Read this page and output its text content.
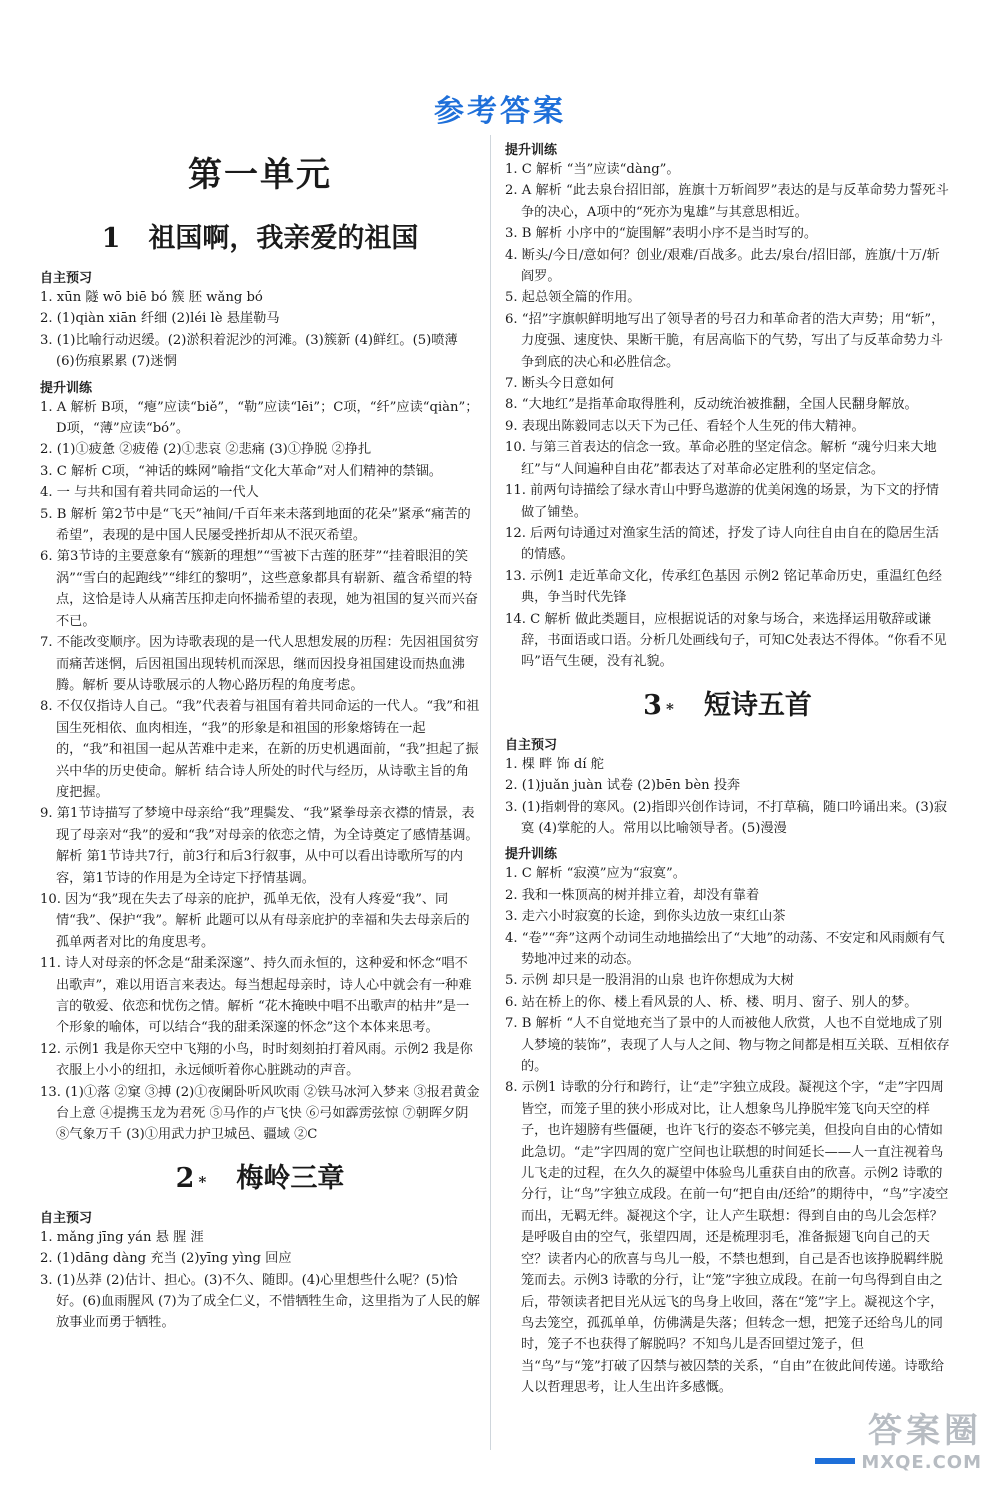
参考答案
第一单元
1 祖国啊，我亲爱的祖国
自主预习

1. xūn 隧 wō biē bó 簇 胚 wǎng bó

2. (1)qiàn xiān 纤细 (2)léi lè 悬崖勒马

3. (1)比喻行动迟缓。(2)淤积着泥沙的河滩。(3)簇新 (4)鲜红。(5)喷薄 (6)伤痕累累 (7)迷惘

提升训练

1. A 解析 B项，“瘪”应读“biě”，“勒”应读“lēi”；C项，“纤”应读“qiàn”；D项，“薄”应读“bó”。

2. (1)①疲惫 ②疲倦 (2)①悲哀 ②悲痛 (3)①挣脱 ②挣扎

3. C 解析 C项，“神话的蛛网”喻指“文化大革命”对人们精神的禁锢。

4. 一 与共和国有着共同命运的一代人

5. B 解析 第2节中是“飞天”袖间/千百年来未落到地面的花朵”紧承“痛苦的希望”，表现的是中国人民屡受挫折却从不泯灭希望。

6. 第3节诗的主要意象有“簇新的理想”“雪被下古莲的胚芽”“挂着眼泪的笑涡”“雪白的起跑线”“绯红的黎明”，这些意象都具有崭新、蕴含希望的特点，这恰是诗人从痛苦压抑走向怀揣希望的表现，她为祖国的复兴而兴奋不已。

7. 不能改变顺序。因为诗歌表现的是一代人思想发展的历程：先因祖国贫穷而痛苦迷惘，后因祖国出现转机而深思，继而因投身祖国建设而热血沸腾。解析 要从诗歌展示的人物心路历程的角度考虑。

8. 不仅仅指诗人自己。“我”代表着与祖国有着共同命运的一代人。“我”和祖国生死相依、血肉相连，“我”的形象是和祖国的形象熔铸在一起的，“我”和祖国一起从苦难中走来，在新的历史机遇面前，“我”担起了振兴中华的历史使命。解析 结合诗人所处的时代与经历，从诗歌主旨的角度把握。

9. 第1节诗描写了梦境中母亲给“我”理鬓发、“我”紧拳母亲衣襟的情景，表现了母亲对“我”的爱和“我”对母亲的依恋之情，为全诗奠定了感情基调。解析 第1节诗共7行，前3行和后3行叙事，从中可以看出诗歌所写的内容，第1节诗的作用是为全诗定下抒情基调。

10. 因为“我”现在失去了母亲的庇护，孤单无依，没有人疼爱“我”、同情“我”、保护“我”。解析 此题可以从有母亲庇护的幸福和失去母亲后的孤单两者对比的角度思考。

11. 诗人对母亲的怀念是“甜柔深邃”、持久而永恒的，这种爱和怀念“唱不出歌声”，难以用语言来表达。每当想起母亲时，诗人心中就会有一种难言的敬爱、依恋和忧伤之情。解析 “花木掩映中唱不出歌声的枯井”是一个形象的喻体，可以结合“我的甜柔深邃的怀念”这个本体来思考。

12. 示例1 我是你天空中飞翔的小鸟，时时刻刻拍打着风雨。示例2 我是你衣服上小小的纽扣，永远倾听着你心脏跳动的声音。

13. (1)①落 ②窠 ③搏 (2)①夜阑卧听风吹雨 ②铁马冰河入梦来 ③报君黄金台上意 ④提携玉龙为君死 ⑤马作的卢飞快 ⑥弓如霹雳弦惊 ⑦朝晖夕阴 ⑧气象万千 (3)①用武力护卫城邑、疆域 ②C

2 * 梅岭三章
自主预习

1. mǎng jīng yán 悬 腥 涯

2. (1)dāng dàng 充当 (2)yīng yìng 回应

3. (1)丛莽 (2)估计、担心。(3)不久、随即。(4)心里想些什么呢？(5)恰好。(6)血雨腥风 (7)为了成全仁义，不惜牺牲生命，这里指为了人民的解放事业而勇于牺牲。

提升训练

1. C 解析 “当”应读“dàng”。

2. A 解析 “此去泉台招旧部，旌旗十万斩阎罗”表达的是与反革命势力誓死斗争的决心，A项中的“死亦为鬼雄”与其意思相近。

3. B 解析 小序中的“旋围解”表明小序不是当时写的。

4. 断头/今日/意如何？创业/艰难/百战多。此去/泉台/招旧部，旌旗/十万/斩阎罗。

5. 起总领全篇的作用。

6. “招”字旗帜鲜明地写出了领导者的号召力和革命者的浩大声势；用“斩”，力度强、速度快、果断干脆，有居高临下的气势，写出了与反革命势力斗争到底的决心和必胜信念。

7. 断头今日意如何

8. “大地红”是指革命取得胜利，反动统治被推翻，全国人民翻身解放。

9. 表现出陈毅同志以天下为己任、看轻个人生死的伟大精神。

10. 与第三首表达的信念一致。革命必胜的坚定信念。解析 “魂兮归来大地红”与“人间遍种自由花”都表达了对革命必定胜利的坚定信念。

11. 前两句诗描绘了绿水青山中野鸟遨游的优美闲逸的场景，为下文的抒情做了铺垫。

12. 后两句诗通过对渔家生活的简述，抒发了诗人向往自由自在的隐居生活的情感。

13. 示例1 走近革命文化，传承红色基因 示例2 铭记革命历史，重温红色经典，争当时代先锋

14. C 解析 做此类题目，应根据说话的对象与场合，来选择运用敬辞或谦辞，书面语或口语。分析几处画线句子，可知C处表达不得体。“你看不见吗”语气生硬，没有礼貌。

3 * 短诗五首
自主预习

1. 棵 畔 饰 dí 舵

2. (1)juǎn juàn 试卷 (2)bēn bèn 投奔

3. (1)指刺骨的寒风。(2)指即兴创作诗词，不打草稿，随口吟诵出来。(3)寂寞 (4)掌舵的人。常用以比喻领导者。(5)漫漫

提升训练

1. C 解析 “寂漠”应为“寂寞”。

2. 我和一株顶高的树并排立着，却没有靠着

3. 走六小时寂寞的长途，到你头边放一束红山茶

4. “卷”“奔”这两个动词生动地描绘出了“大地”的动荡、不安定和风雨颇有气势地冲过来的动态。

5. 示例 却只是一股涓涓的山泉 也许你想成为大树

6. 站在桥上的你、楼上看风景的人、桥、楼、明月、窗子、别人的梦。

7. B 解析 “人不自觉地充当了景中的人而被他人欣赏，人也不自觉地成了别人梦境的装饰”，表现了人与人之间、物与物之间都是相互关联、互相依存的。

8. 示例1 诗歌的分行和跨行，让“走”字独立成段。凝视这个字，“走”字四周皆空，而笼子里的狭小形成对比，让人想象鸟儿挣脱牢笼飞向天空的样子，也许翅膀有些僵硬，也许飞行的姿态不够完美，但投向自由的心情如此急切。“走”字四周的宽广空间也让联想的时间延长——人一直注视着鸟儿飞走的过程，在久久的凝望中体验鸟儿重获自由的欣喜。示例2 诗歌的分行，让“鸟”字独立成段。在前一句“把自由/还给”的期待中，“鸟”字凌空而出，无羁无绊。凝视这个字，让人产生联想：得到自由的鸟儿会怎样？是呼吸自由的空气，张望四周，还是梳理羽毛，准备振翅飞向自己的天空？读者内心的欣喜与鸟儿一般，不禁也想到，自己是否也该挣脱羁绊脱笼而去。示例3 诗歌的分行，让“笼”字独立成段。在前一句鸟得到自由之后，带领读者把目光从远飞的鸟身上收回，落在“笼”字上。凝视这个字，鸟去笼空，孤孤单单，仿佛满是失落；但转念一想，把笼子还给鸟儿的同时，笼子不也获得了解脱吗？不知鸟儿是否回望过笼子，但当“鸟”与“笼”打破了囚禁与被囚禁的关系，“自由”在彼此间传递。诗歌给人以哲理思考，让人生出许多感慨。

答案圈
MXQE.COM
